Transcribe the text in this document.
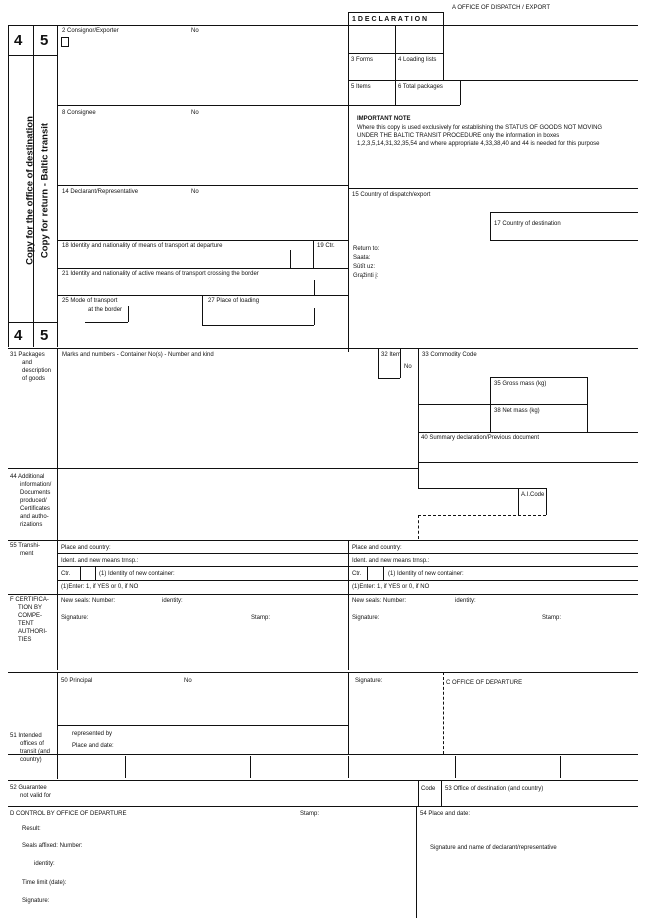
A OFFICE OF DISPATCH / EXPORT
1 D E C L A R A T I O N
4 5
4 5
Copy for the office of destination Copy for return - Baltic transit
2 Consignor/Exporter	No
3 Forms	4 Loading lists
5 Items	6 Total packages
8 Consignee	No
14 Declarant/Representative	No	15 Country of dispatch/export
17 Country of destination
18 Identity and nationality of means of transport at departure	19 Ctr.
21 Identity and nationality of active means of transport crossing the border
25 Mode of transport
at the border
27 Place of loading
IMPORTANT NOTE
Where this copy is used exclusively for establishing the STATUS OF GOODS NOT MOVING
UNDER THE BALTIC TRANSIT PROCEDURE only the information in boxes
1,2,3,5,14,31,32,35,54 and where appropriate 4,33,38,40 and 44 is needed for this purpose
Return to:
Saata:
Sūtīt uz:
Grąžinti į:
31 Packages
and
description
of goods
Marks and numbers - Container No(s) - Number and kind	32 Item
No
33 Commodity Code
35 Gross mass (kg)
38 Net mass (kg)
40 Summary declaration/Previous document
44 Additional
information/
Documents
produced/
Certificates
and autho-
rizations
A.I.Code
55 Transhi-
ment
Place and country:
Ident. and new means trnsp.:
Ctr.	(1) Identity of new container:
(1)Enter: 1, if YES or 0, if NO
Place and country:
Ident. and new means trnsp.:
Ctr.	(1) Identity of new container:
(1)Enter: 1, if YES or 0, if NO
F CERTIFICA-
TION BY
COMPE-
TENT
AUTHORI-
TIES
New seals: Number:	identity:
Signature:	Stamp:
New seals: Number:	identity:
Signature:	Stamp:
50 Principal	No	Signature:	C OFFICE OF DEPARTURE
represented by
Place and date:
51 Intended
offices of
transit (and
country)
52 Guarantee
not valid for
Code 53 Office of destination (and country)
D CONTROL BY OFFICE OF DEPARTURE	Stamp:
Result:
Seals affixed: Number:
identity:
Time limit (date):
Signature:
54 Place and date:
Signature and name of declarant/representative
